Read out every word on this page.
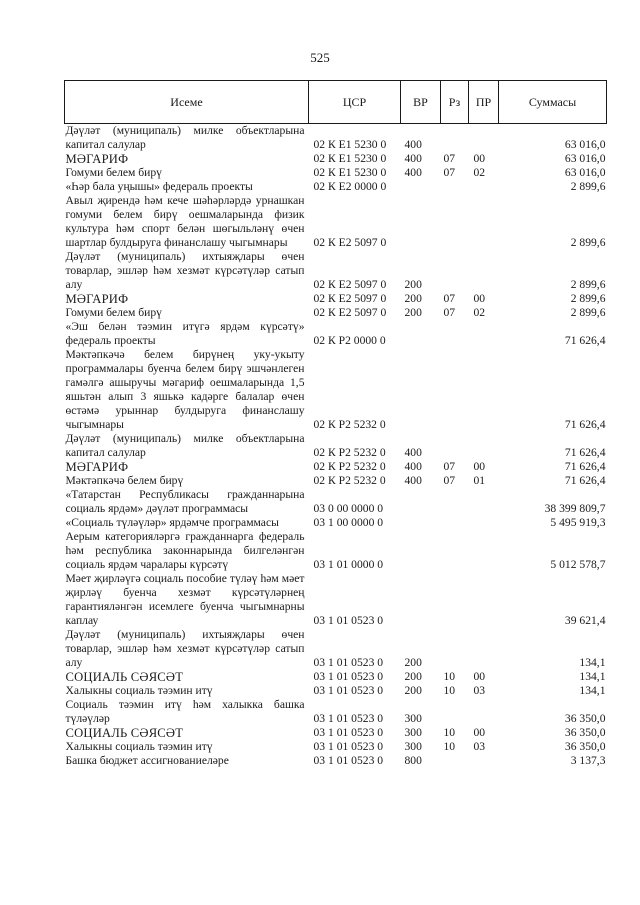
525
Исеме	ЦСР	ВР	Рз	ПР	Суммасы
Дәүләт (муниципаль) милке объектларына капитал салулар	02 К Е1 5230 0	400			63 016,0
МӘГАРИФ	02 К Е1 5230 0	400	07	00	63 016,0
Гомуми белем бирү	02 К Е1 5230 0	400	07	02	63 016,0
«Һәр бала уңышы» федераль проекты	02 К Е2 0000 0				2 899,6
Авыл җирендә һәм кече шәһәрләрдә урнашкан гомуми белем бирү оешмаларында физик культура һәм спорт белән шөгыльләнү өчен шартлар булдыруга финанслашу чыгымнары	02 К Е2 5097 0				2 899,6
Дәүләт (муниципаль) ихтыяҗлары өчен товарлар, эшләр һәм хезмәт күрсәтүләр сатып алу	02 К Е2 5097 0	200			2 899,6
МӘГАРИФ	02 К Е2 5097 0	200	07	00	2 899,6
Гомуми белем бирү	02 К Е2 5097 0	200	07	02	2 899,6
«Эш белән тәэмин итүгә ярдәм күрсәтү» федераль проекты	02 К Р2 0000 0				71 626,4
Мәктәпкәчә белем бирүнең уку-укыту программалары буенча белем бирү эшчәнлеген гамәлгә ашыручы мәгариф оешмаларында 1,5 яшьтән алып 3 яшькә кадәрге балалар өчен өстәмә урыннар булдыруга финанслашу чыгымнары	02 К Р2 5232 0				71 626,4
Дәүләт (муниципаль) милке объектларына капитал салулар	02 К Р2 5232 0	400			71 626,4
МӘГАРИФ	02 К Р2 5232 0	400	07	00	71 626,4
Мәктәпкәчә белем бирү	02 К Р2 5232 0	400	07	01	71 626,4
«Татарстан Республикасы гражданнарына социаль ярдәм» дәүләт программасы	03 0 00 0000 0				38 399 809,7
«Социаль түләүләр» ярдәмче программасы	03 1 00 0000 0				5 495 919,3
Аерым категорияләргә гражданнарга федераль һәм республика законнарында билгеләнгән социаль ярдәм чаралары күрсәтү	03 1 01 0000 0				5 012 578,7
Мәет җирләүгә социаль пособие түләү һәм мәет җирләү буенча хезмәт күрсәтүләрнең гарантияләнгән исемлеге буенча чыгымнарны каплау	03 1 01 0523 0				39 621,4
Дәүләт (муниципаль) ихтыяҗлары өчен товарлар, эшләр һәм хезмәт күрсәтүләр сатып алу	03 1 01 0523 0	200			134,1
СОЦИАЛЬ СӘЯСӘТ	03 1 01 0523 0	200	10	00	134,1
Халыкны социаль тәэмин итү	03 1 01 0523 0	200	10	03	134,1
Социаль тәэмин итү һәм халыкка башка түләүләр	03 1 01 0523 0	300			36 350,0
СОЦИАЛЬ СӘЯСӘТ	03 1 01 0523 0	300	10	00	36 350,0
Халыкны социаль тәэмин итү	03 1 01 0523 0	300	10	03	36 350,0
Башка бюджет ассигнованиеләре	03 1 01 0523 0	800			3 137,3
